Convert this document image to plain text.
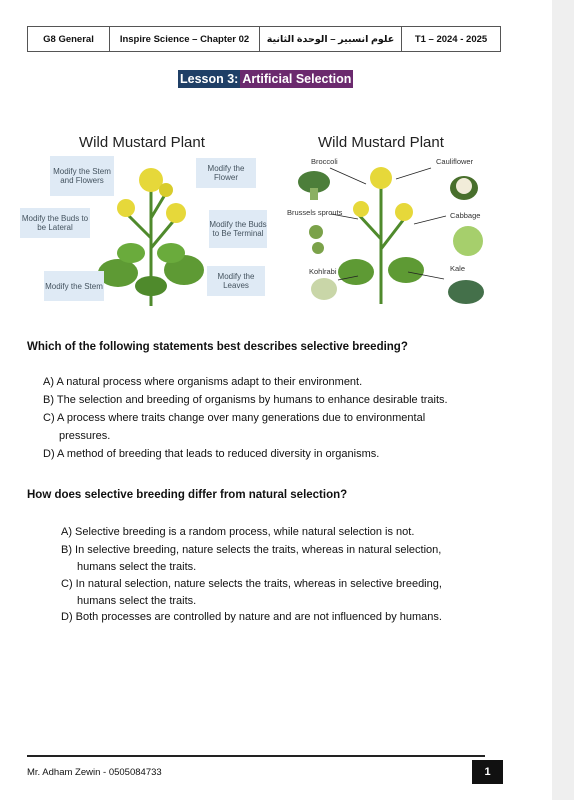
G8 General	Inspire Science – Chapter 02	علوم انسبير – الوحدة الثانية	T1 – 2024 - 2025
Lesson 3: Artificial Selection
Wild Mustard Plant
Modify the Stem and Flowers
Modify the Flower
Modify the Buds to be Lateral	Modify the Buds to Be Terminal
Modify the Stem
Modify the Leaves
Wild Mustard Plant
Broccoli	Cauliflower
Brussels sprouts	Cabbage
Kohlrabi	Kale
Which of the following statements best describes selective breeding?
A) A natural process where organisms adapt to their environment.
B) The selection and breeding of organisms by humans to enhance desirable traits.
C) A process where traits change over many generations due to environmental
pressures.
D) A method of breeding that leads to reduced diversity in organisms.
How does selective breeding differ from natural selection?
A) Selective breeding is a random process, while natural selection is not.
B) In selective breeding, nature selects the traits, whereas in natural selection,
humans select the traits.
C) In natural selection, nature selects the traits, whereas in selective breeding,
humans select the traits.
D) Both processes are controlled by nature and are not influenced by humans.
Mr. Adham Zewin - 0505084733	1
